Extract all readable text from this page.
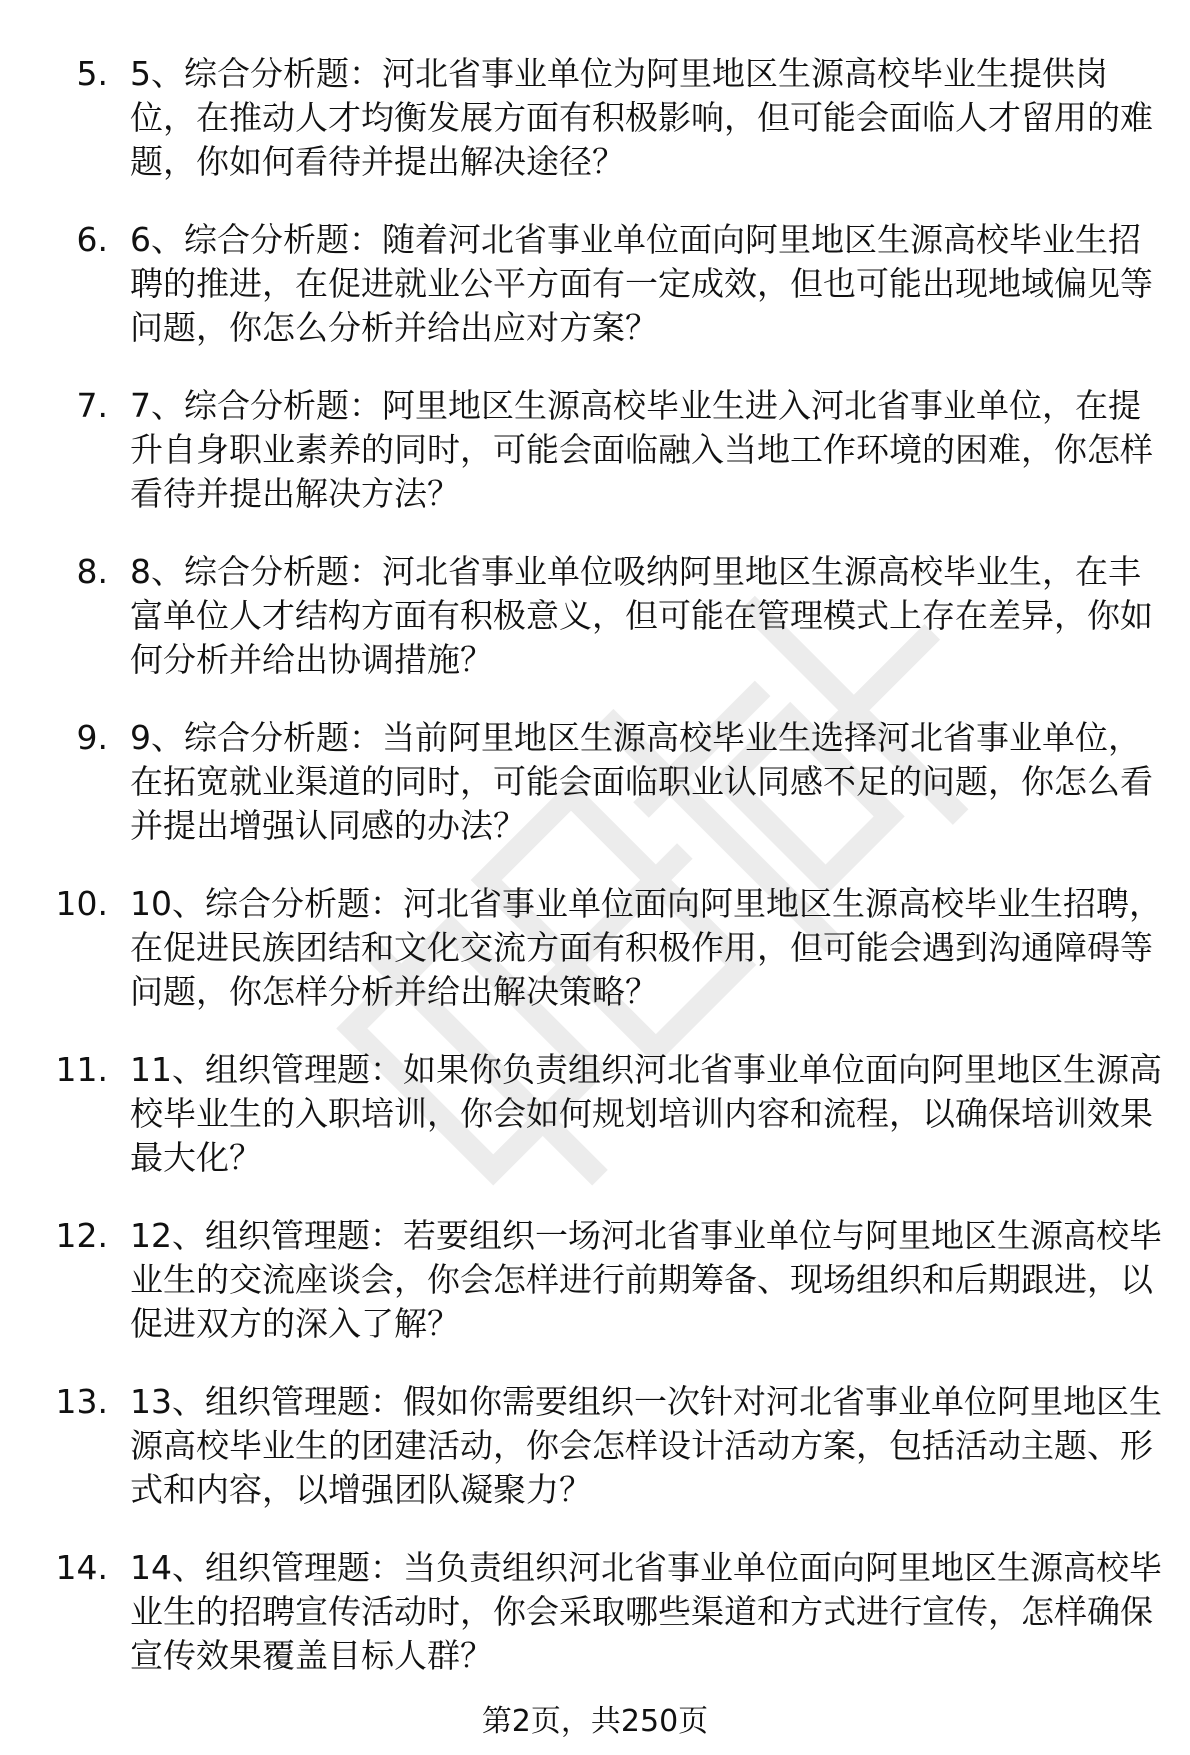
5. 5、综合分析题：河北省事业单位为阿里地区生源高校毕业生提供岗位，在推动人才均衡发展方面有积极影响，但可能会面临人才留用的难题，你如何看待并提出解决途径？

6. 6、综合分析题：随着河北省事业单位面向阿里地区生源高校毕业生招聘的推进，在促进就业公平方面有一定成效，但也可能出现地域偏见等问题，你怎么分析并给出应对方案？

7. 7、综合分析题：阿里地区生源高校毕业生进入河北省事业单位，在提升自身职业素养的同时，可能会面临融入当地工作环境的困难，你怎样看待并提出解决方法？

8. 8、综合分析题：河北省事业单位吸纳阿里地区生源高校毕业生，在丰富单位人才结构方面有积极意义，但可能在管理模式上存在差异，你如何分析并给出协调措施？

9. 9、综合分析题：当前阿里地区生源高校毕业生选择河北省事业单位，在拓宽就业渠道的同时，可能会面临职业认同感不足的问题，你怎么看并提出增强认同感的办法？

10. 10、综合分析题：河北省事业单位面向阿里地区生源高校毕业生招聘，在促进民族团结和文化交流方面有积极作用，但可能会遇到沟通障碍等问题，你怎样分析并给出解决策略？

11. 11、组织管理题：如果你负责组织河北省事业单位面向阿里地区生源高校毕业生的入职培训，你会如何规划培训内容和流程，以确保培训效果最大化？

12. 12、组织管理题：若要组织一场河北省事业单位与阿里地区生源高校毕业生的交流座谈会，你会怎样进行前期筹备、现场组织和后期跟进，以促进双方的深入了解？

13. 13、组织管理题：假如你需要组织一次针对河北省事业单位阿里地区生源高校毕业生的团建活动，你会怎样设计活动方案，包括活动主题、形式和内容，以增强团队凝聚力？

14. 14、组织管理题：当负责组织河北省事业单位面向阿里地区生源高校毕业生的招聘宣传活动时，你会采取哪些渠道和方式进行宣传，怎样确保宣传效果覆盖目标人群？

第2页，共250页
